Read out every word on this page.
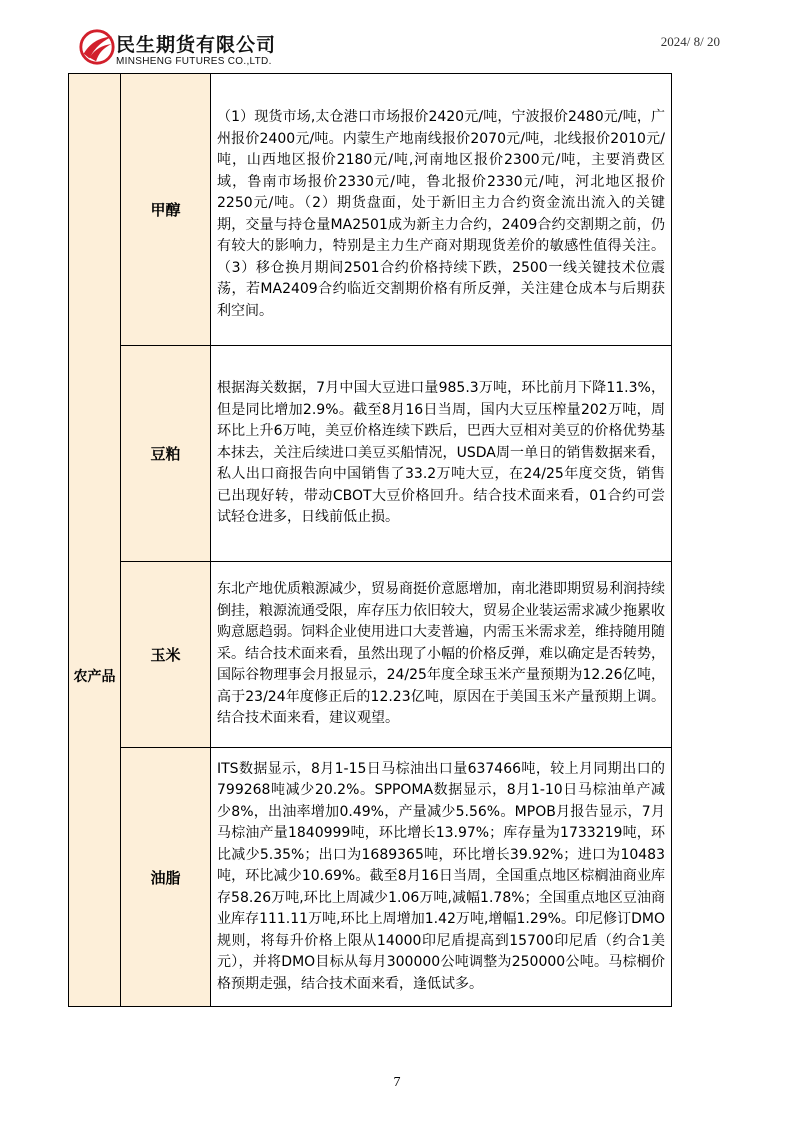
民生期货有限公司
MINSHENG FUTURES CO.,LTD.
2024/ 8/ 20
	甲醇	（1）现货市场,太仓港口市场报价2420元/吨，宁波报价2480元/吨，广州报价2400元/吨。内蒙生产地南线报价2070元/吨，北线报价2010元/吨，山西地区报价2180元/吨,河南地区报价2300元/吨，主要消费区域，鲁南市场报价2330元/吨，鲁北报价2330元/吨，河北地区报价2250元/吨。（2）期货盘面，处于新旧主力合约资金流出流入的关键期，交量与持仓量MA2501成为新主力合约，2409合约交割期之前，仍有较大的影响力，特别是主力生产商对期现货差价的敏感性值得关注。（3）移仓换月期间2501合约价格持续下跌，2500一线关键技术位震荡，若MA2409合约临近交割期价格有所反弹，关注建仓成本与后期获利空间。

农产品	豆粕	根据海关数据，7月中国大豆进口量985.3万吨，环比前月下降11.3%，但是同比增加2.9%。截至8月16日当周，国内大豆压榨量202万吨，周环比上升6万吨，美豆价格连续下跌后，巴西大豆相对美豆的价格优势基本抹去，关注后续进口美豆买船情况，USDA周一单日的销售数据来看，私人出口商报告向中国销售了33.2万吨大豆，在24/25年度交货，销售已出现好转，带动CBOT大豆价格回升。结合技术面来看，01合约可尝试轻仓进多，日线前低止损。

	玉米	东北产地优质粮源减少，贸易商挺价意愿增加，南北港即期贸易利润持续倒挂，粮源流通受限，库存压力依旧较大，贸易企业装运需求减少拖累收购意愿趋弱。饲料企业使用进口大麦普遍，内需玉米需求差，维持随用随采。结合技术面来看，虽然出现了小幅的价格反弹，难以确定是否转势，国际谷物理事会月报显示，24/25年度全球玉米产量预期为12.26亿吨，高于23/24年度修正后的12.23亿吨，原因在于美国玉米产量预期上调。结合技术面来看，建议观望。

	油脂	ITS数据显示，8月1-15日马棕油出口量637466吨，较上月同期出口的799268吨减少20.2%。SPPOMA数据显示，8月1-10日马棕油单产减少8%，出油率增加0.49%，产量减少5.56%。MPOB月报告显示，7月马棕油产量1840999吨，环比增长13.97%；库存量为1733219吨，环比减少5.35%；出口为1689365吨，环比增长39.92%；进口为10483吨，环比减少10.69%。截至8月16日当周，全国重点地区棕榈油商业库存58.26万吨,环比上周减少1.06万吨,减幅1.78%；全国重点地区豆油商业库存111.11万吨,环比上周增加1.42万吨,增幅1.29%。印尼修订DMO规则，将每升价格上限从14000印尼盾提高到15700印尼盾（约合1美元），并将DMO目标从每月300000公吨调整为250000公吨。马棕榈价格预期走强，结合技术面来看，逢低试多。
7
